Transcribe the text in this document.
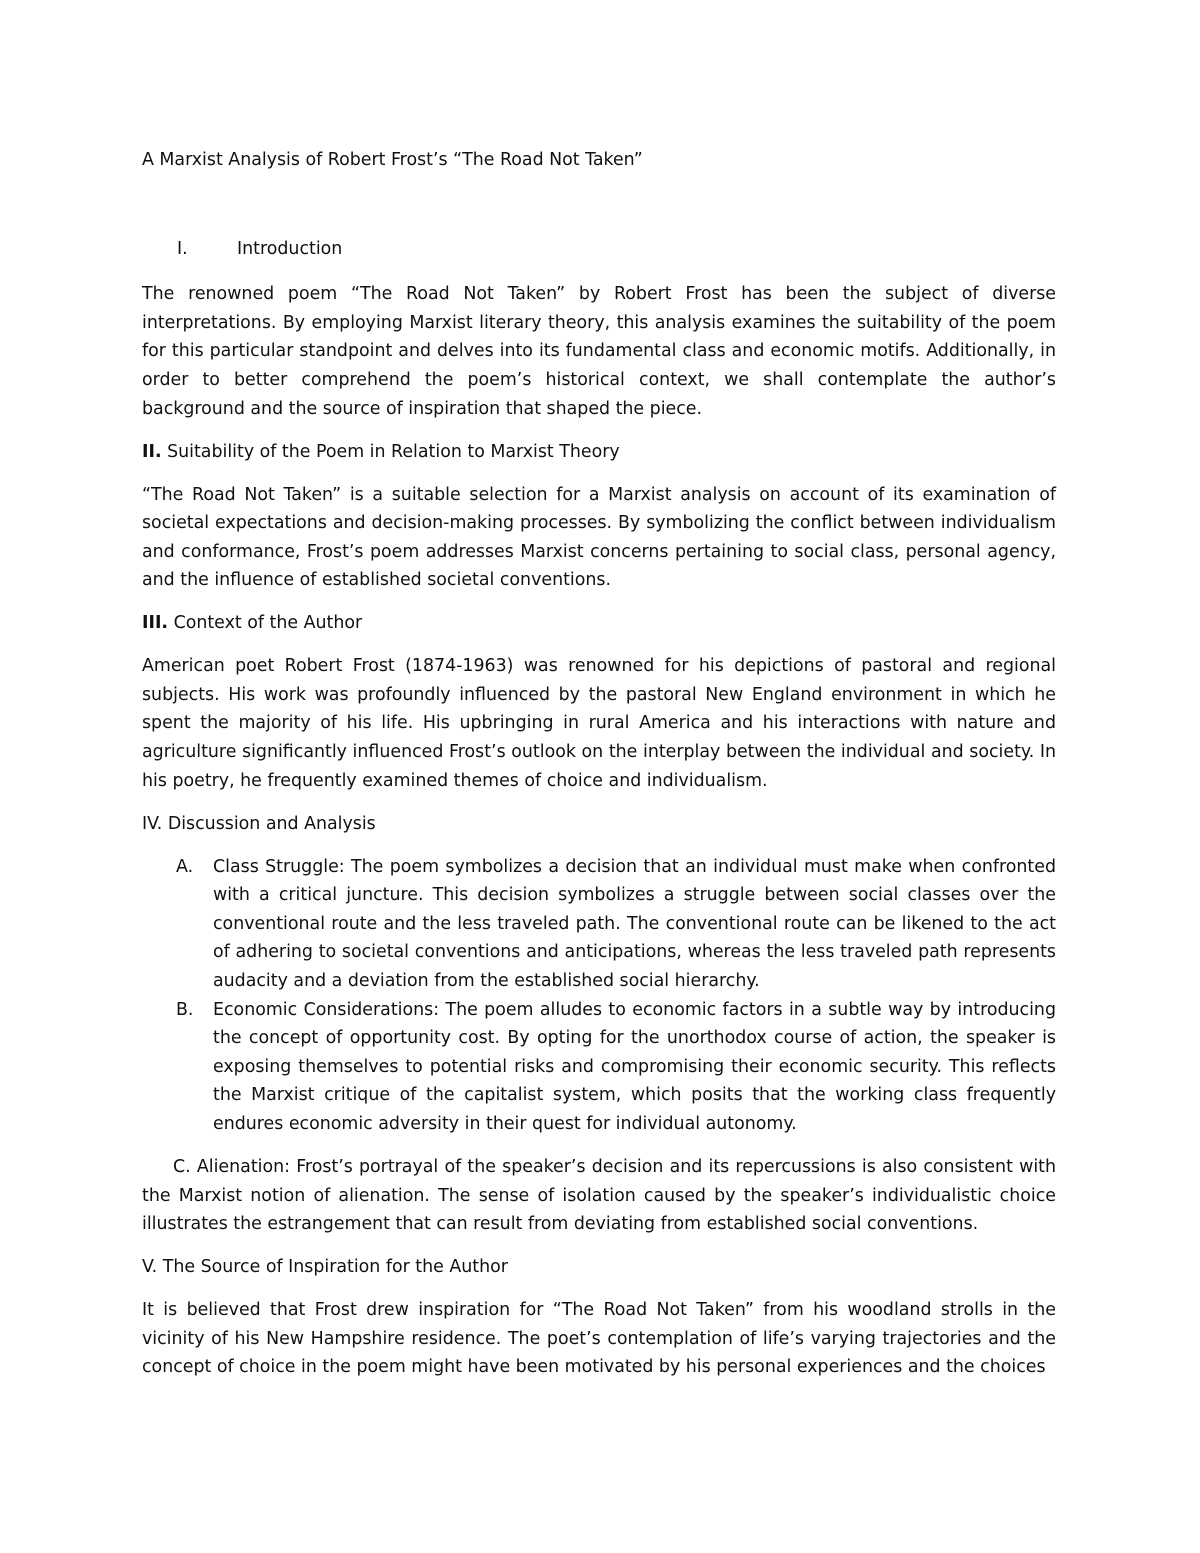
A Marxist Analysis of Robert Frost’s “The Road Not Taken”
I.	Introduction

The renowned poem “The Road Not Taken” by Robert Frost has been the subject of diverse interpretations. By employing Marxist literary theory, this analysis examines the suitability of the poem for this particular standpoint and delves into its fundamental class and economic motifs. Additionally, in order to better comprehend the poem’s historical context, we shall contemplate the author’s background and the source of inspiration that shaped the piece.

II. Suitability of the Poem in Relation to Marxist Theory

“The Road Not Taken” is a suitable selection for a Marxist analysis on account of its examination of societal expectations and decision-making processes. By symbolizing the conflict between individualism and conformance, Frost’s poem addresses Marxist concerns pertaining to social class, personal agency, and the influence of established societal conventions.

III. Context of the Author

American poet Robert Frost (1874-1963) was renowned for his depictions of pastoral and regional subjects. His work was profoundly influenced by the pastoral New England environment in which he spent the majority of his life. His upbringing in rural America and his interactions with nature and agriculture significantly influenced Frost’s outlook on the interplay between the individual and society. In his poetry, he frequently examined themes of choice and individualism.

IV. Discussion and Analysis
A. Class Struggle: The poem symbolizes a decision that an individual must make when confronted with a critical juncture. This decision symbolizes a struggle between social classes over the conventional route and the less traveled path. The conventional route can be likened to the act of adhering to societal conventions and anticipations, whereas the less traveled path represents audacity and a deviation from the established social hierarchy.
B. Economic Considerations: The poem alludes to economic factors in a subtle way by introducing the concept of opportunity cost. By opting for the unorthodox course of action, the speaker is exposing themselves to potential risks and compromising their economic security. This reflects the Marxist critique of the capitalist system, which posits that the working class frequently endures economic adversity in their quest for individual autonomy.

C. Alienation: Frost’s portrayal of the speaker’s decision and its repercussions is also consistent with the Marxist notion of alienation. The sense of isolation caused by the speaker’s individualistic choice illustrates the estrangement that can result from deviating from established social conventions.

V. The Source of Inspiration for the Author

It is believed that Frost drew inspiration for “The Road Not Taken” from his woodland strolls in the vicinity of his New Hampshire residence. The poet’s contemplation of life’s varying trajectories and the concept of choice in the poem might have been motivated by his personal experiences and the choices
